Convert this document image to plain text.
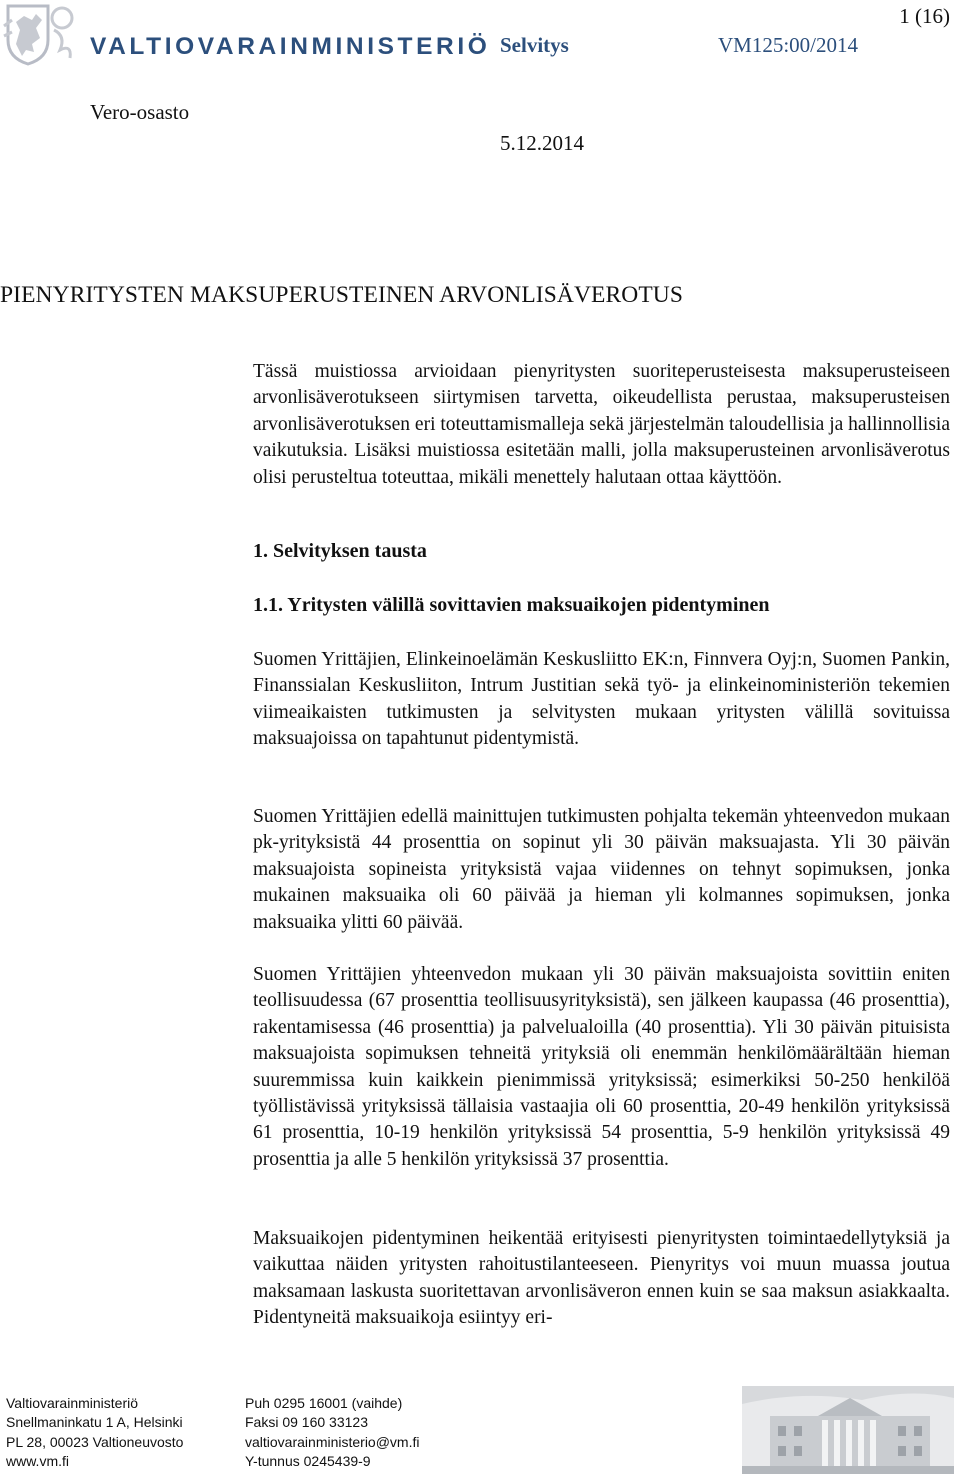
VALTIOVARAINMINISTERIÖ Selvitys	VM125:00/2014
1 (16)
Vero-osasto
5.12.2014
PIENYRITYSTEN MAKSUPERUSTEINEN ARVONLISÄVEROTUS
Tässä muistiossa arvioidaan pienyritysten suoriteperusteisesta maksuperusteiseen arvonlisäverotukseen siirtymisen tarvetta, oikeudellista perustaa, maksuperusteisen arvonlisäverotuksen eri toteuttamismalleja sekä järjestelmän taloudellisia ja hallinnollisia vaikutuksia. Lisäksi muistiossa esitetään malli, jolla maksuperusteinen arvonlisäverotus olisi perusteltua toteuttaa, mikäli menettely halutaan ottaa käyttöön.
1. Selvityksen tausta
1.1. Yritysten välillä sovittavien maksuaikojen pidentyminen
Suomen Yrittäjien, Elinkeinoelämän Keskusliitto EK:n, Finnvera Oyj:n, Suomen Pankin, Finanssialan Keskusliiton, Intrum Justitian sekä työ- ja elinkeinoministeriön tekemien viimeaikaisten tutkimusten ja selvitysten mukaan yritysten välillä sovituissa maksuajoissa on tapahtunut pidentymistä.
Suomen Yrittäjien edellä mainittujen tutkimusten pohjalta tekemän yhteenvedon mukaan pk-yrityksistä 44 prosenttia on sopinut yli 30 päivän maksuajasta. Yli 30 päivän maksuajoista sopineista yrityksistä vajaa viidennes on tehnyt sopimuksen, jonka mukainen maksuaika oli 60 päivää ja hieman yli kolmannes sopimuksen, jonka maksuaika ylitti 60 päivää.
Suomen Yrittäjien yhteenvedon mukaan yli 30 päivän maksuajoista sovittiin eniten teollisuudessa (67 prosenttia teollisuusyrityksistä), sen jälkeen kaupassa (46 prosenttia), rakentamisessa (46 prosenttia) ja palvelualoilla (40 prosenttia). Yli 30 päivän pituisista maksuajoista sopimuksen tehneitä yrityksiä oli enemmän henkilömäärältään hieman suuremmissa kuin kaikkein pienimmissä yrityksissä; esimerkiksi 50-250 henkilöä työllistävissä yrityksissä tällaisia vastaajia oli 60 prosenttia, 20-49 henkilön yrityksissä 61 prosenttia, 10-19 henkilön yrityksissä 54 prosenttia, 5-9 henkilön yrityksissä 49 prosenttia ja alle 5 henkilön yrityksissä 37 prosenttia.
Maksuaikojen pidentyminen heikentää erityisesti pienyritysten toimintaedellytyksiä ja vaikuttaa näiden yritysten rahoitustilanteeseen. Pienyritys voi muun muassa joutua maksamaan laskusta suoritettavan arvonlisäveron ennen kuin se saa maksun asiakkaalta. Pidentyneitä maksuaikoja esiintyy eri-
Valtiovarainministeriö
Snellmaninkatu 1 A, Helsinki
PL 28, 00023 Valtioneuvosto
www.vm.fi
Puh 0295 16001 (vaihde)
Faksi 09 160 33123
valtiovarainministerio@vm.fi
Y-tunnus 0245439-9
